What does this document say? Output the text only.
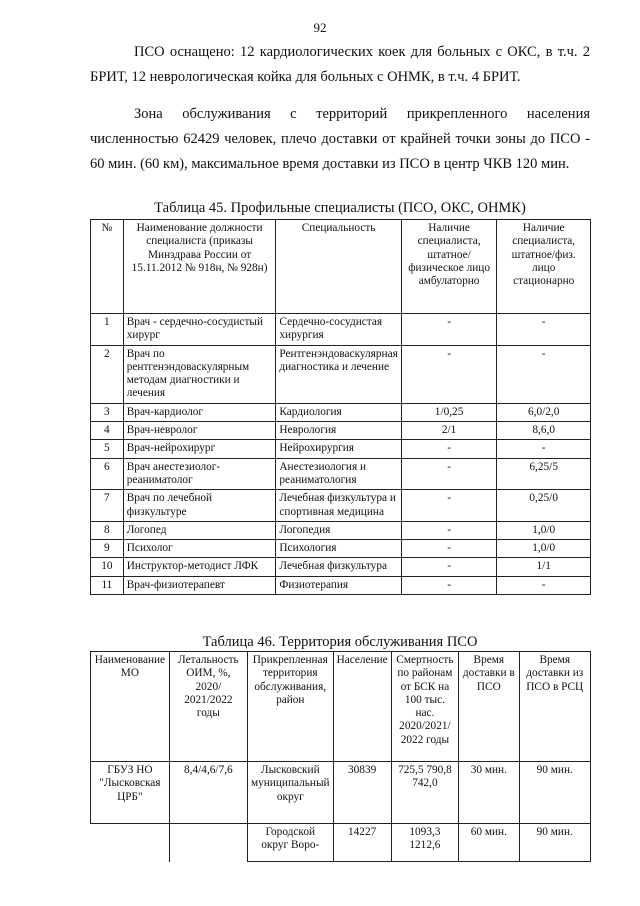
92

ПСО оснащено: 12 кардиологических коек для больных с ОКС, в т.ч. 2 БРИТ, 12 неврологическая койка для больных с ОНМК, в т.ч. 4 БРИТ.

Зона обслуживания с территорий прикрепленного населения численностью 62429 человек, плечо доставки от крайней точки зоны до ПСО - 60 мин. (60 км), максимальное время доставки из ПСО в центр ЧКВ 120 мин.

Таблица 45. Профильные специалисты (ПСО, ОКС, ОНМК)
№	Наименование должности специалиста (приказы Минздрава России от 15.11.2012 № 918н, № 928н)	Специальность	Наличие специалиста, штатное/физическое лицо амбулаторно	Наличие специалиста, штатное/физ. лицо стационарно
1	Врач - сердечно-сосудистый хирург	Сердечно-сосудистая хирургия	-	-
2	Врач по рентгенэндоваскулярным методам диагностики и лечения	Рентгенэндоваскулярная диагностика и лечение	-	-
3	Врач-кардиолог	Кардиология	1/0,25	6,0/2,0
4	Врач-невролог	Неврология	2/1	8,6,0
5	Врач-нейрохирург	Нейрохирургия	-	-
6	Врач анестезиолог-реаниматолог	Анестезиология и реаниматология	-	6,25/5
7	Врач по лечебной физкультуре	Лечебная физкультура и спортивная медицина	-	0,25/0
8	Логопед	Логопедия	-	1,0/0
9	Психолог	Психология	-	1,0/0
10	Инструктор-методист ЛФК	Лечебная физкультура	-	1/1
11	Врач-физиотерапевт	Физиотерапия	-	-
Таблица 46. Территория обслуживания ПСО
Наименование МО	Летальность ОИМ, %, 2020/ 2021/2022 годы	Прикрепленная территория обслуживания, район	Население	Смертность по районам от БСК на 100 тыс. нас. 2020/2021/ 2022 годы	Время доставки в ПСО	Время доставки из ПСО в РСЦ
ГБУЗ НО "Лысковская ЦРБ"	8,4/4,6/7,6	Лысковский муниципальный округ	30839	725,5 790,8 742,0	30 мин.	90 мин.
		Городской округ Воро-	14227	1093,3 1212,6	60 мин.	90 мин.
